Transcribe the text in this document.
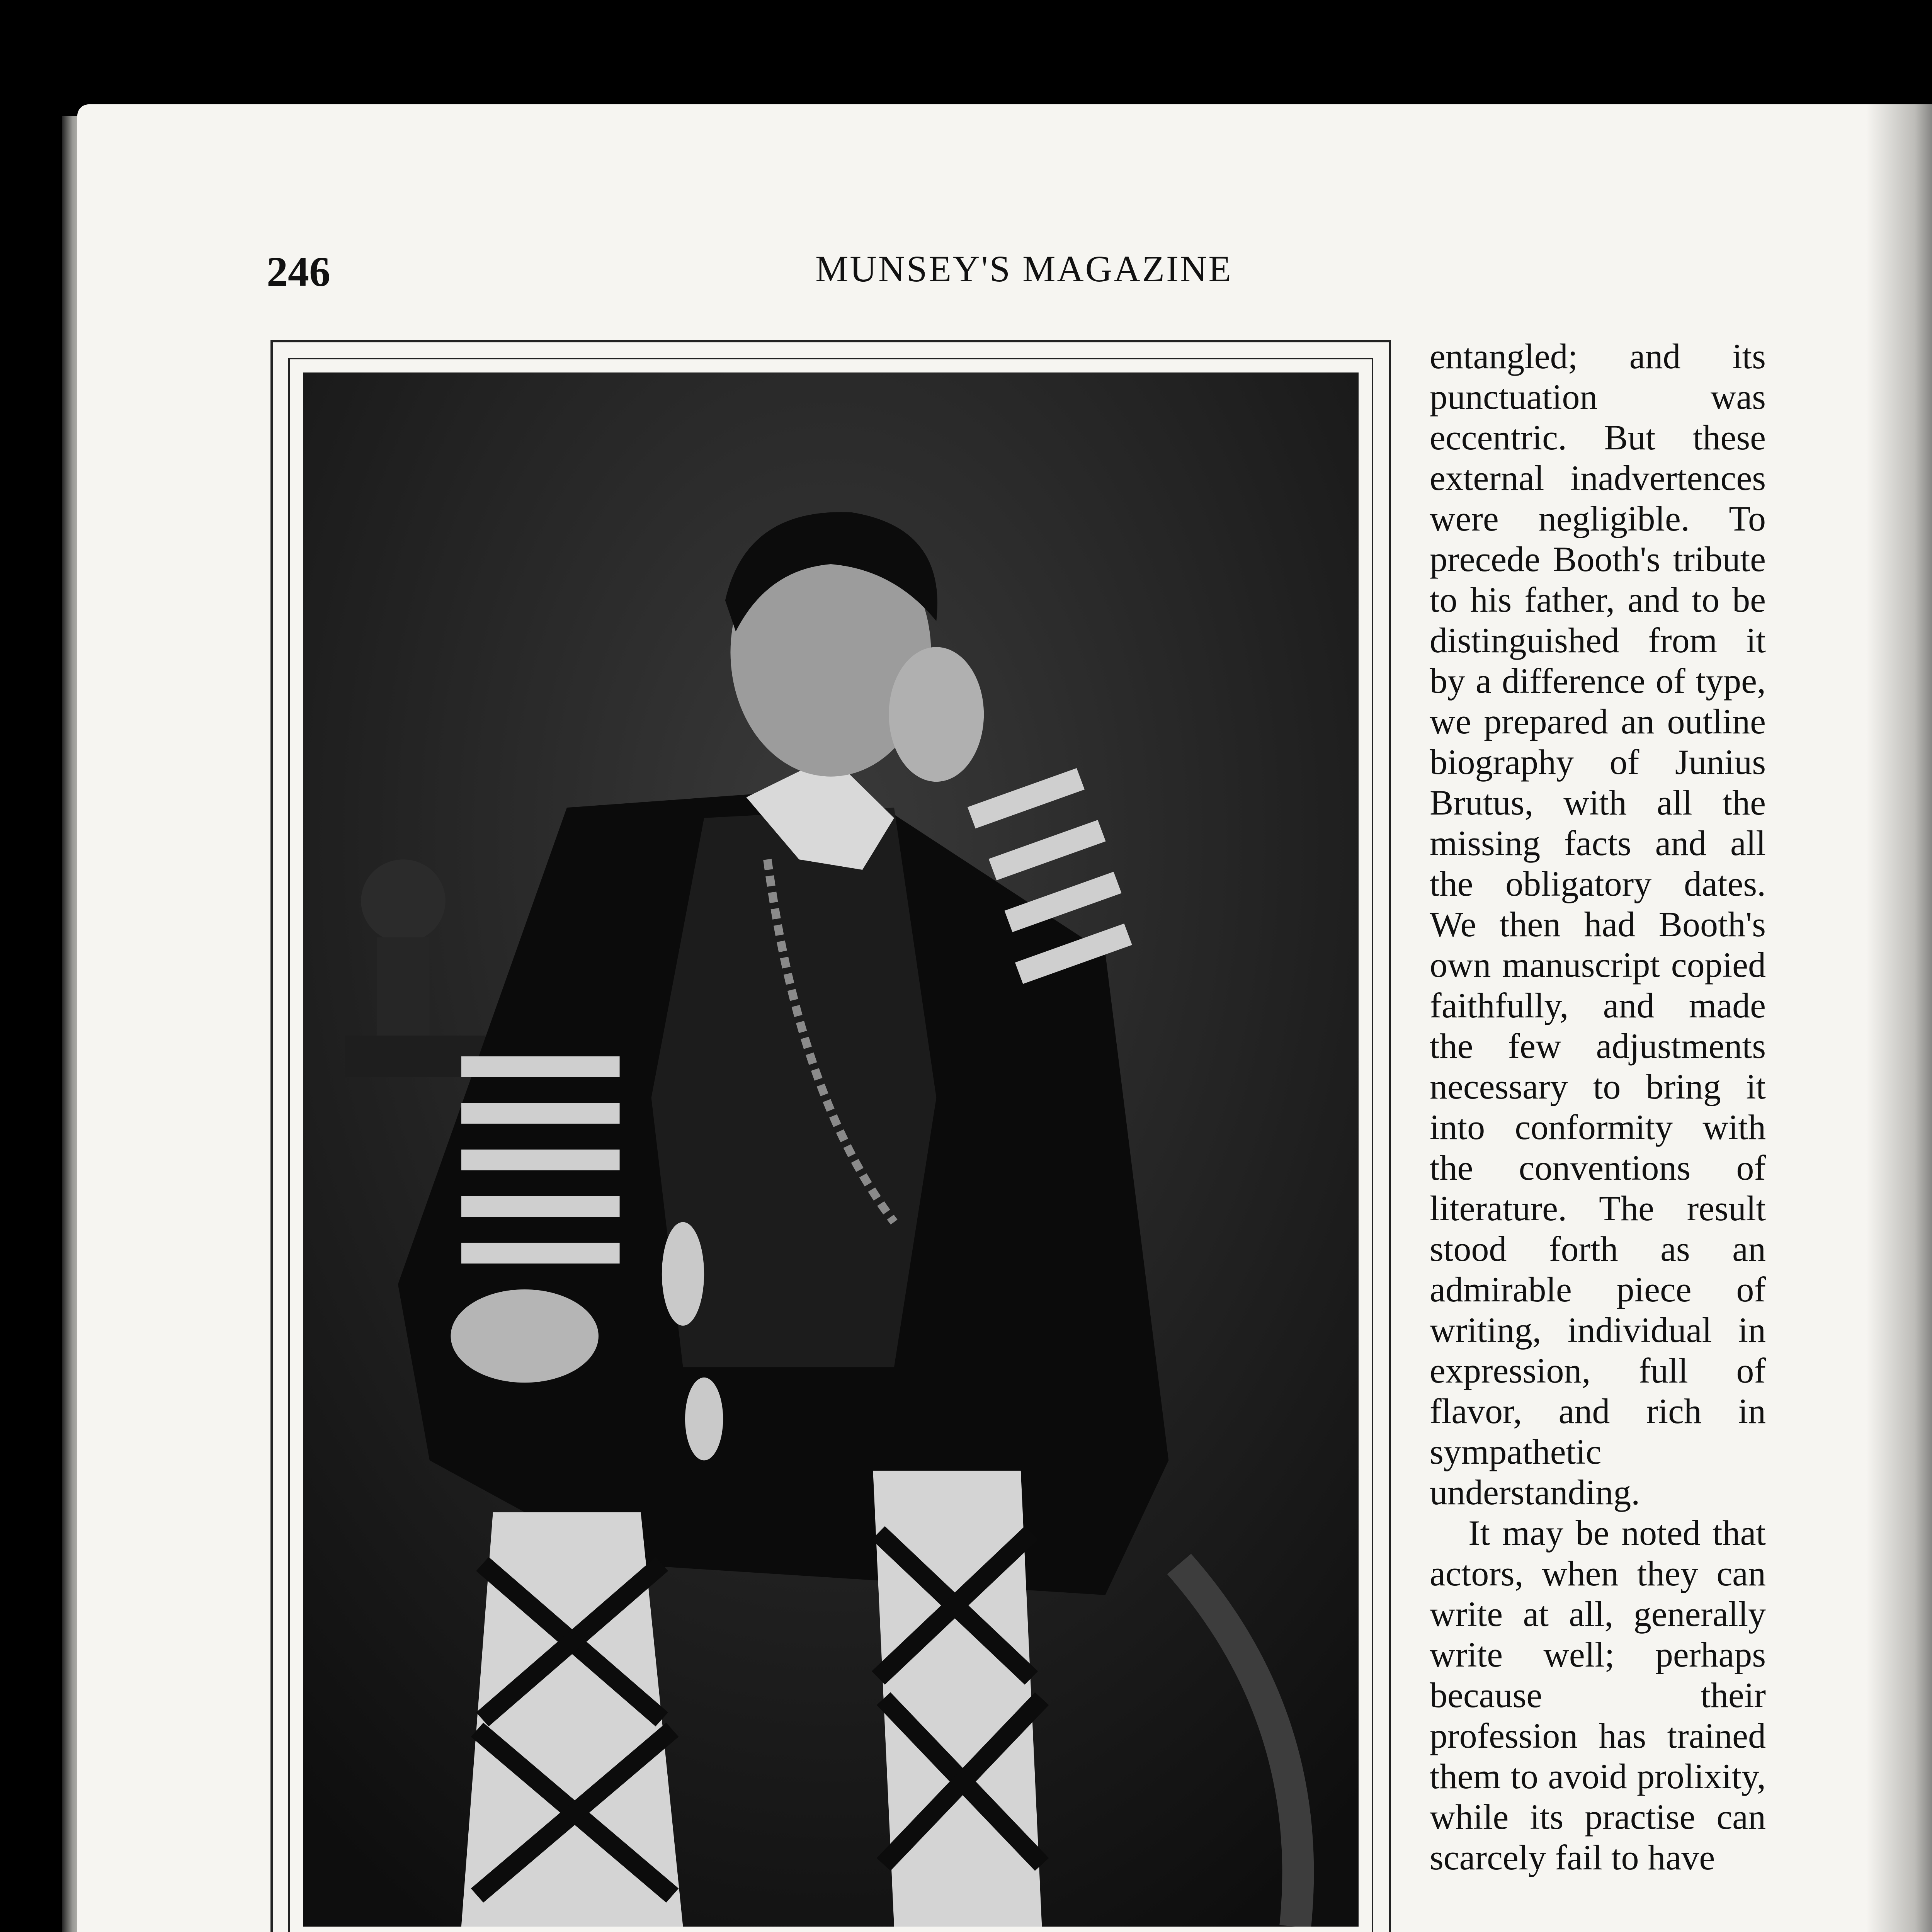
246	MUNSEY'S MAGAZINE

entangled; and its punctuation was eccentric. But these external inadvertences were negligible. To precede Booth's tribute to his father, and to be distinguished from it by a difference of type, we prepared an outline biography of Junius Brutus, with all the missing facts and all the obligatory dates. We then had Booth's own manuscript copied faithfully, and made the few adjustments necessary to bring it into conformity with the conventions of literature. The result stood forth as an admirable piece of writing, individual in expression, full of flavor, and rich in sympathetic understanding.

It may be noted that actors, when they can write at all, generally write well; perhaps because their profession has trained them to avoid prolixity, while its practise can scarcely fail to have
